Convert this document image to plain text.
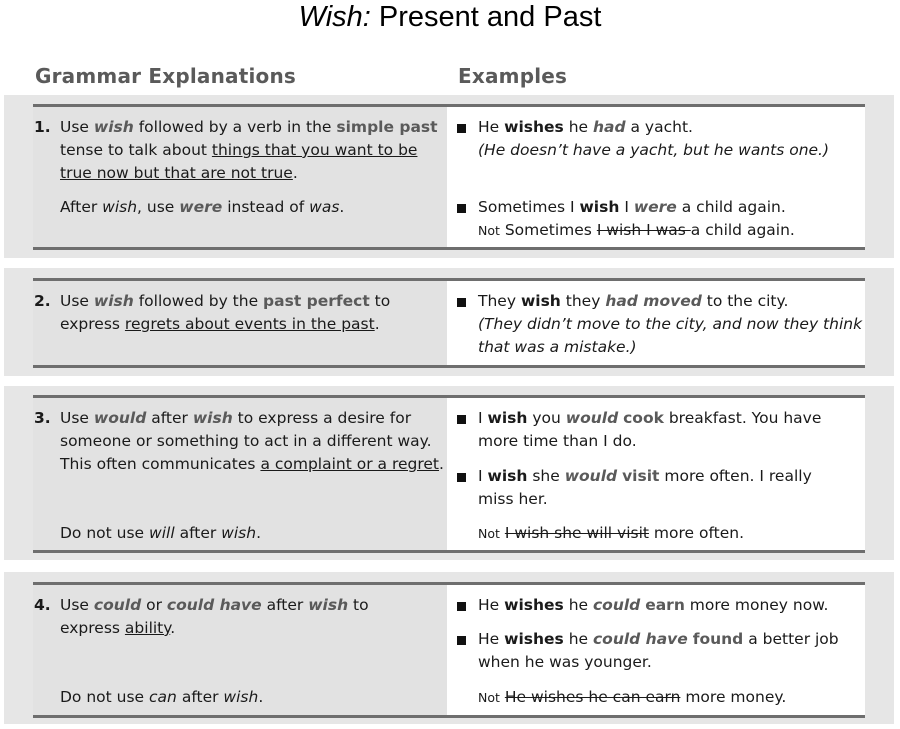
Wish: Present and Past
Grammar Explanations	Examples
1. Use wish followed by a verb in the simple past
tense to talk about things that you want to be
true now but that are not true.
After wish, use were instead of was.
He wishes he had a yacht.
(He doesn’t have a yacht, but he wants one.)
Sometimes I wish I were a child again.
Not Sometimes I wish I was a child again.
2. Use wish followed by the past perfect to
express regrets about events in the past.
They wish they had moved to the city.
(They didn’t move to the city, and now they think
that was a mistake.)
3. Use would after wish to express a desire for
someone or something to act in a different way.
This often communicates a complaint or a regret.
Do not use will after wish.
I wish you would cook breakfast. You have
more time than I do.
I wish she would visit more often. I really
miss her.
Not I wish she will visit more often.
4. Use could or could have after wish to
express ability.
Do not use can after wish.
He wishes he could earn more money now.
He wishes he could have found a better job
when he was younger.
Not He wishes he can earn more money.
